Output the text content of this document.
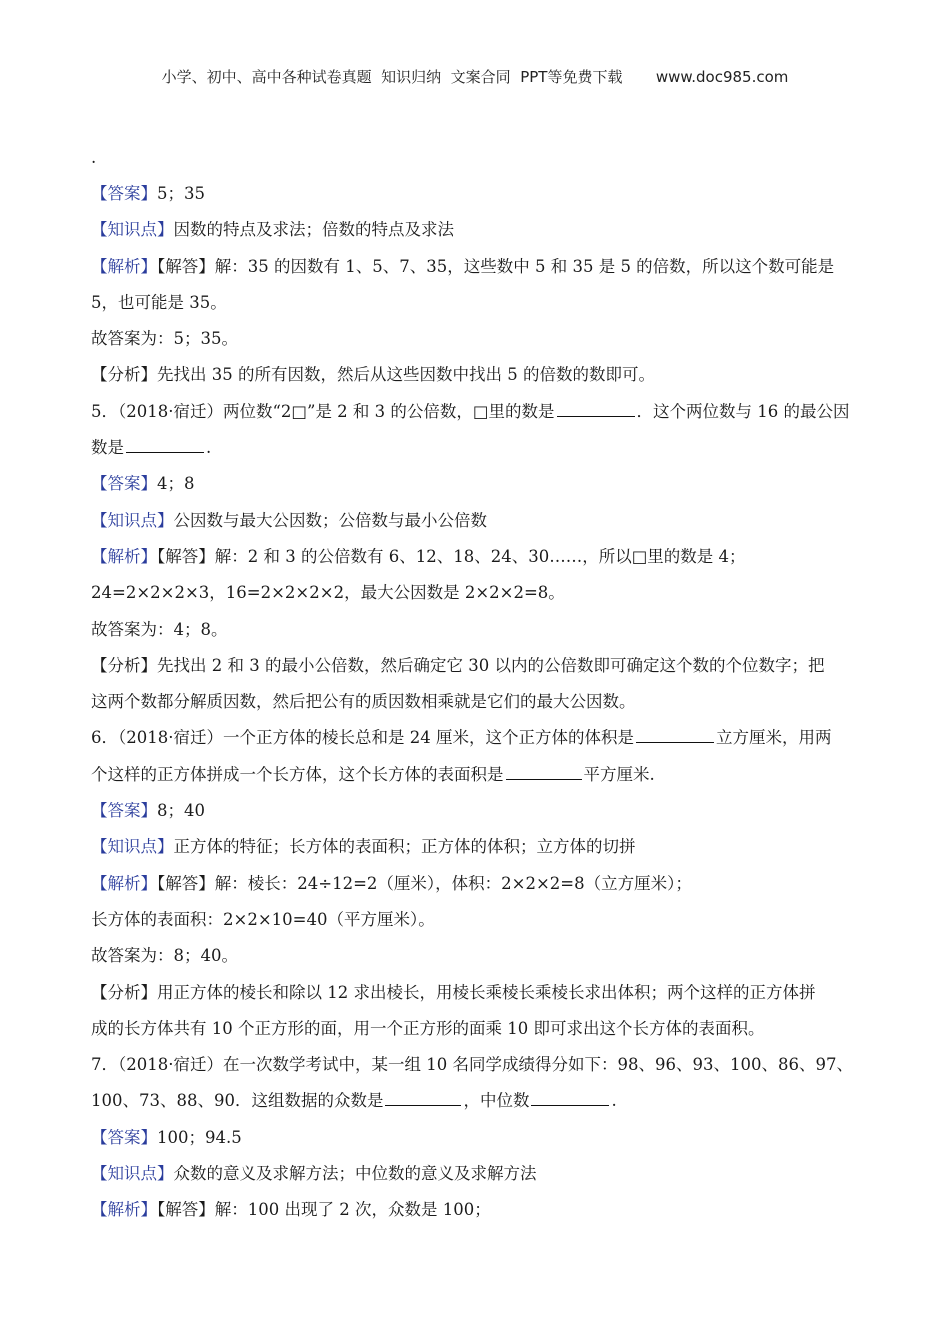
小学、初中、高中各种试卷真题  知识归纳  文案合同  PPT等免费下载       www.doc985.com
.
【答案】5；35
【知识点】因数的特点及求法；倍数的特点及求法
【解析】【解答】解：35 的因数有 1、5、7、35，这些数中 5 和 35 是 5 的倍数，所以这个数可能是
5，也可能是 35。
故答案为：5；35。
【分析】先找出 35 的所有因数，然后从这些因数中找出 5 的倍数的数即可。
5．（2018·宿迁）两位数“2□”是 2 和 3 的公倍数，□里的数是	．这个两位数与 16 的最公因
数是	.
【答案】4；8
【知识点】公因数与最大公因数；公倍数与最小公倍数
【解析】【解答】解：2 和 3 的公倍数有 6、12、18、24、30……，所以□里的数是 4；
24=2×2×2×3，16=2×2×2×2，最大公因数是 2×2×2=8。
故答案为：4；8。
【分析】先找出 2 和 3 的最小公倍数，然后确定它 30 以内的公倍数即可确定这个数的个位数字；把
这两个数都分解质因数，然后把公有的质因数相乘就是它们的最大公因数。
6．（2018·宿迁）一个正方体的棱长总和是 24 厘米，这个正方体的体积是	立方厘米，用两
个这样的正方体拼成一个长方体，这个长方体的表面积是	平方厘米.
【答案】8；40
【知识点】正方体的特征；长方体的表面积；正方体的体积；立方体的切拼
【解析】【解答】解：棱长：24÷12=2（厘米），体积：2×2×2=8（立方厘米）；
长方体的表面积：2×2×10=40（平方厘米）。
故答案为：8；40。
【分析】用正方体的棱长和除以 12 求出棱长，用棱长乘棱长乘棱长求出体积；两个这样的正方体拼
成的长方体共有 10 个正方形的面，用一个正方形的面乘 10 即可求出这个长方体的表面积。
7．（2018·宿迁）在一次数学考试中，某一组 10 名同学成绩得分如下：98、96、93、100、86、97、
100、73、88、90．这组数据的众数是	，中位数	.
【答案】100；94.5
【知识点】众数的意义及求解方法；中位数的意义及求解方法
【解析】【解答】解：100 出现了 2 次，众数是 100；
